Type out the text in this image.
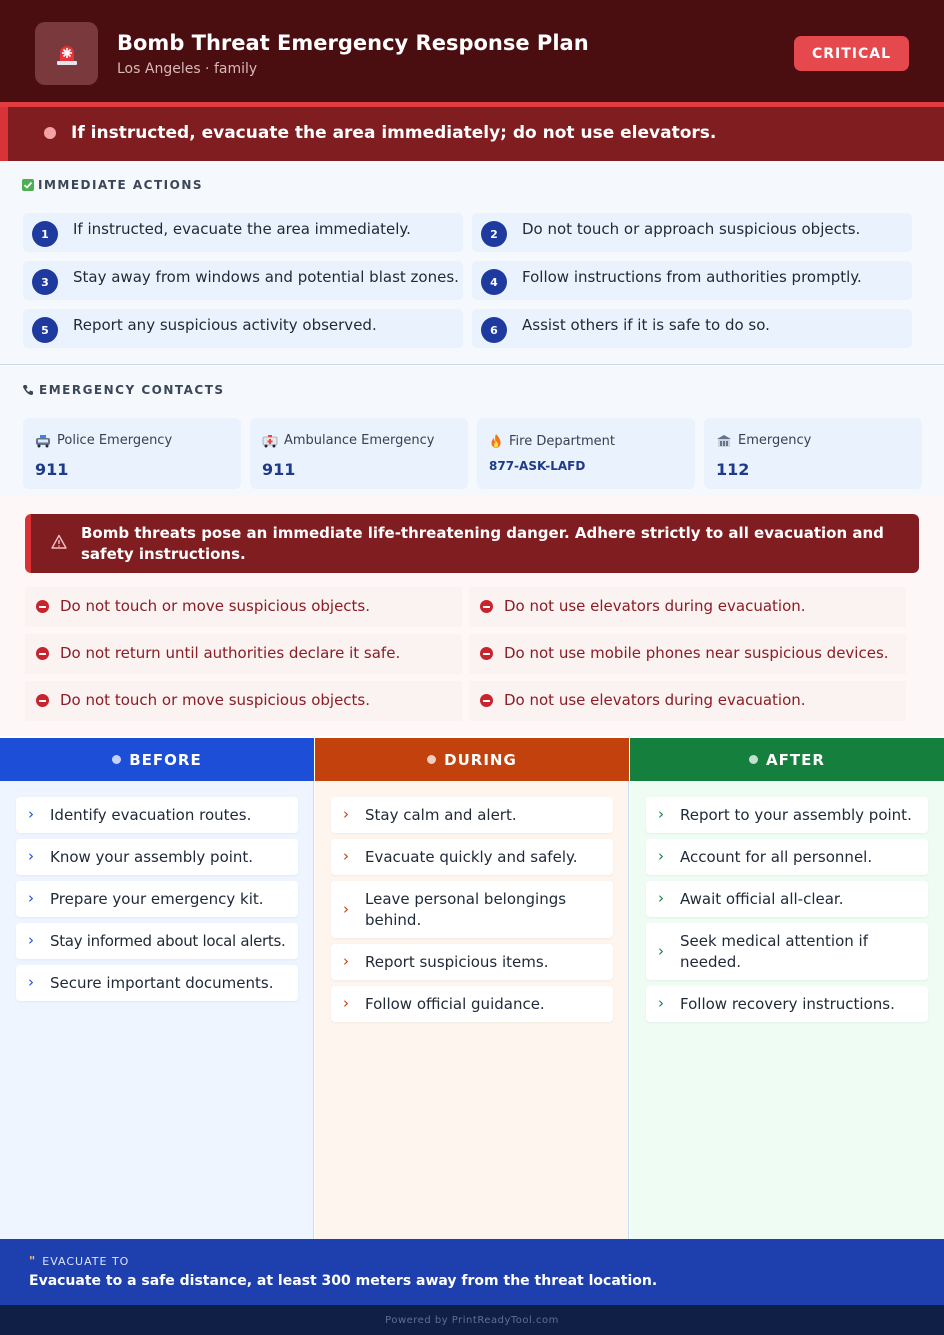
Bomb Threat Emergency Response Plan
Los Angeles · family
CRITICAL
If instructed, evacuate the area immediately; do not use elevators.
IMMEDIATE ACTIONS
1	If instructed, evacuate the area immediately.	2	Do not touch or approach suspicious objects.
3	Stay away from windows and potential blast zones.	4	Follow instructions from authorities promptly.
5	Report any suspicious activity observed.	6	Assist others if it is safe to do so.
EMERGENCY CONTACTS
Police Emergency
911
Ambulance Emergency
911
Fire Department
877-ASK-LAFD
Emergency
112
Bomb threats pose an immediate life-threatening danger. Adhere strictly to all evacuation and safety instructions.
Do not touch or move suspicious objects.	Do not use elevators during evacuation.
Do not return until authorities declare it safe.	Do not use mobile phones near suspicious devices.
Do not touch or move suspicious objects.	Do not use elevators during evacuation.
BEFORE	DURING	AFTER
› Identify evacuation routes.
› Know your assembly point.
› Prepare your emergency kit.
› Stay informed about local alerts.
› Secure important documents.
› Stay calm and alert.
› Evacuate quickly and safely.
›
Leave personal belongings behind.
› Report suspicious items.
› Follow official guidance.
› Report to your assembly point.
› Account for all personnel.
› Await official all-clear.
›
Seek medical attention if needed.
› Follow recovery instructions.
" EVACUATE TO
Evacuate to a safe distance, at least 300 meters away from the threat location.
Powered by PrintReadyTool.com
